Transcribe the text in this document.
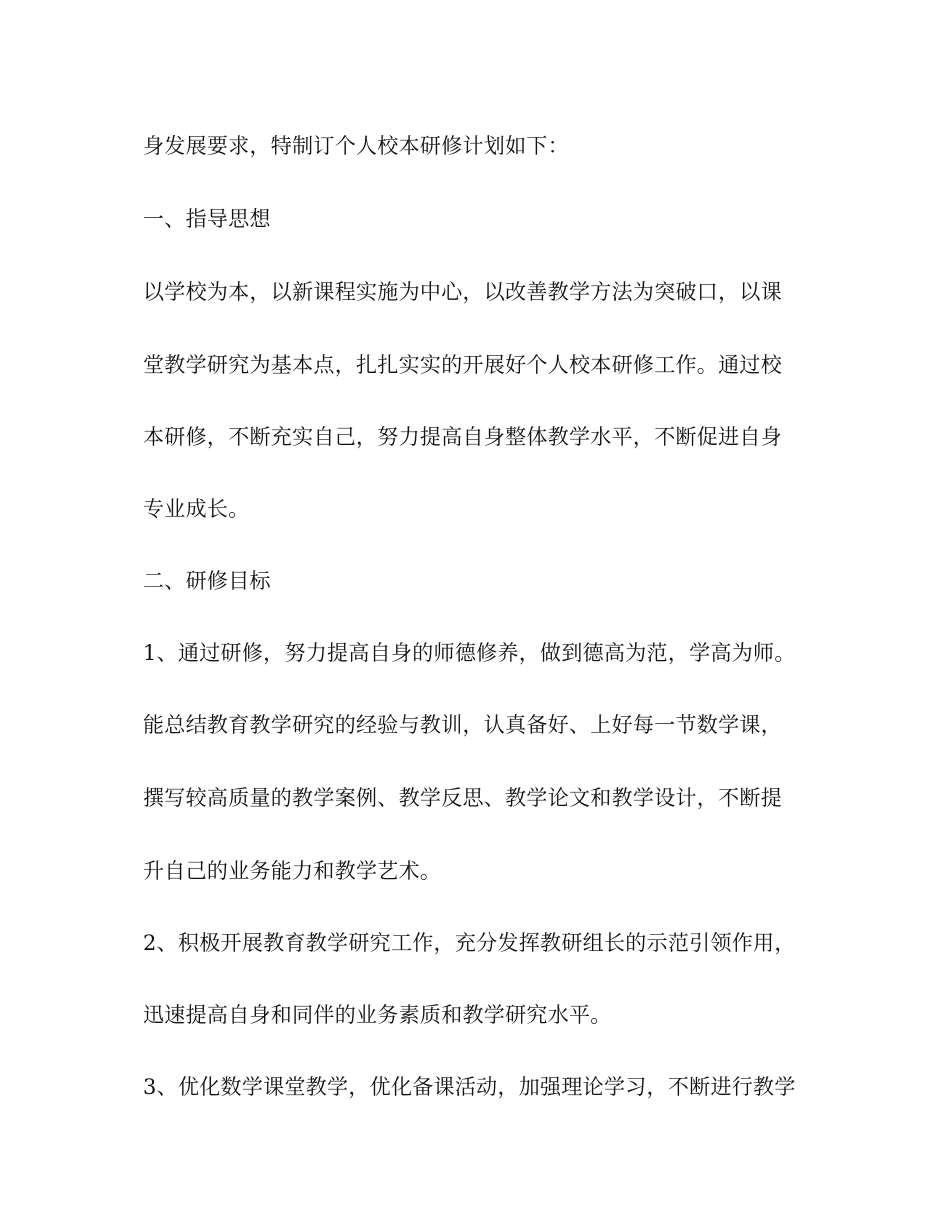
身发展要求，特制订个人校本研修计划如下：
一、指导思想
以学校为本，以新课程实施为中心，以改善教学方法为突破口，以课
堂教学研究为基本点，扎扎实实的开展好个人校本研修工作。通过校
本研修，不断充实自己，努力提高自身整体教学水平，不断促进自身
专业成长。
二、研修目标
1、通过研修，努力提高自身的师德修养，做到德高为范，学高为师。
能总结教育教学研究的经验与教训，认真备好、上好每一节数学课，
撰写较高质量的教学案例、教学反思、教学论文和教学设计，不断提
升自己的业务能力和教学艺术。
2、积极开展教育教学研究工作，充分发挥教研组长的示范引领作用，
迅速提高自身和同伴的业务素质和教学研究水平。
3、优化数学课堂教学，优化备课活动，加强理论学习，不断进行教学
